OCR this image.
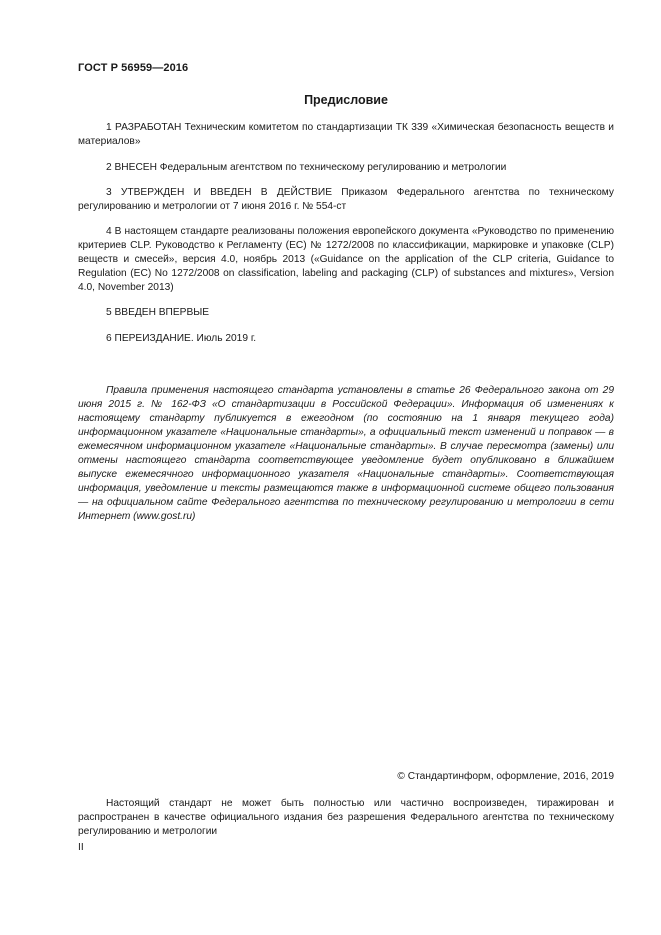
ГОСТ Р 56959—2016
Предисловие
1 РАЗРАБОТАН Техническим комитетом по стандартизации ТК 339 «Химическая безопасность веществ и материалов»
2 ВНЕСЕН Федеральным агентством по техническому регулированию и метрологии
3 УТВЕРЖДЕН И ВВЕДЕН В ДЕЙСТВИЕ Приказом Федерального агентства по техническому регулированию и метрологии от 7 июня 2016 г. № 554-ст
4 В настоящем стандарте реализованы положения европейского документа «Руководство по применению критериев CLP. Руководство к Регламенту (ЕС) № 1272/2008 по классификации, маркировке и упаковке (CLP) веществ и смесей», версия 4.0, ноябрь 2013 («Guidance on the application of the CLP criteria, Guidance to Regulation (EC) No 1272/2008 on classification, labeling and packaging (CLP) of substances and mixtures», Version 4.0, November 2013)
5 ВВЕДЕН ВПЕРВЫЕ
6 ПЕРЕИЗДАНИЕ. Июль 2019 г.
Правила применения настоящего стандарта установлены в статье 26 Федерального закона от 29 июня 2015 г. № 162-ФЗ «О стандартизации в Российской Федерации». Информация об изменениях к настоящему стандарту публикуется в ежегодном (по состоянию на 1 января текущего года) информационном указателе «Национальные стандарты», а официальный текст изменений и поправок — в ежемесячном информационном указателе «Национальные стандарты». В случае пересмотра (замены) или отмены настоящего стандарта соответствующее уведомление будет опубликовано в ближайшем выпуске ежемесячного информационного указателя «Национальные стандарты». Соответствующая информация, уведомление и тексты размещаются также в информационной системе общего пользования — на официальном сайте Федерального агентства по техническому регулированию и метрологии в сети Интернет (www.gost.ru)
© Стандартинформ, оформление, 2016, 2019
Настоящий стандарт не может быть полностью или частично воспроизведен, тиражирован и распространен в качестве официального издания без разрешения Федерального агентства по техническому регулированию и метрологии
II
